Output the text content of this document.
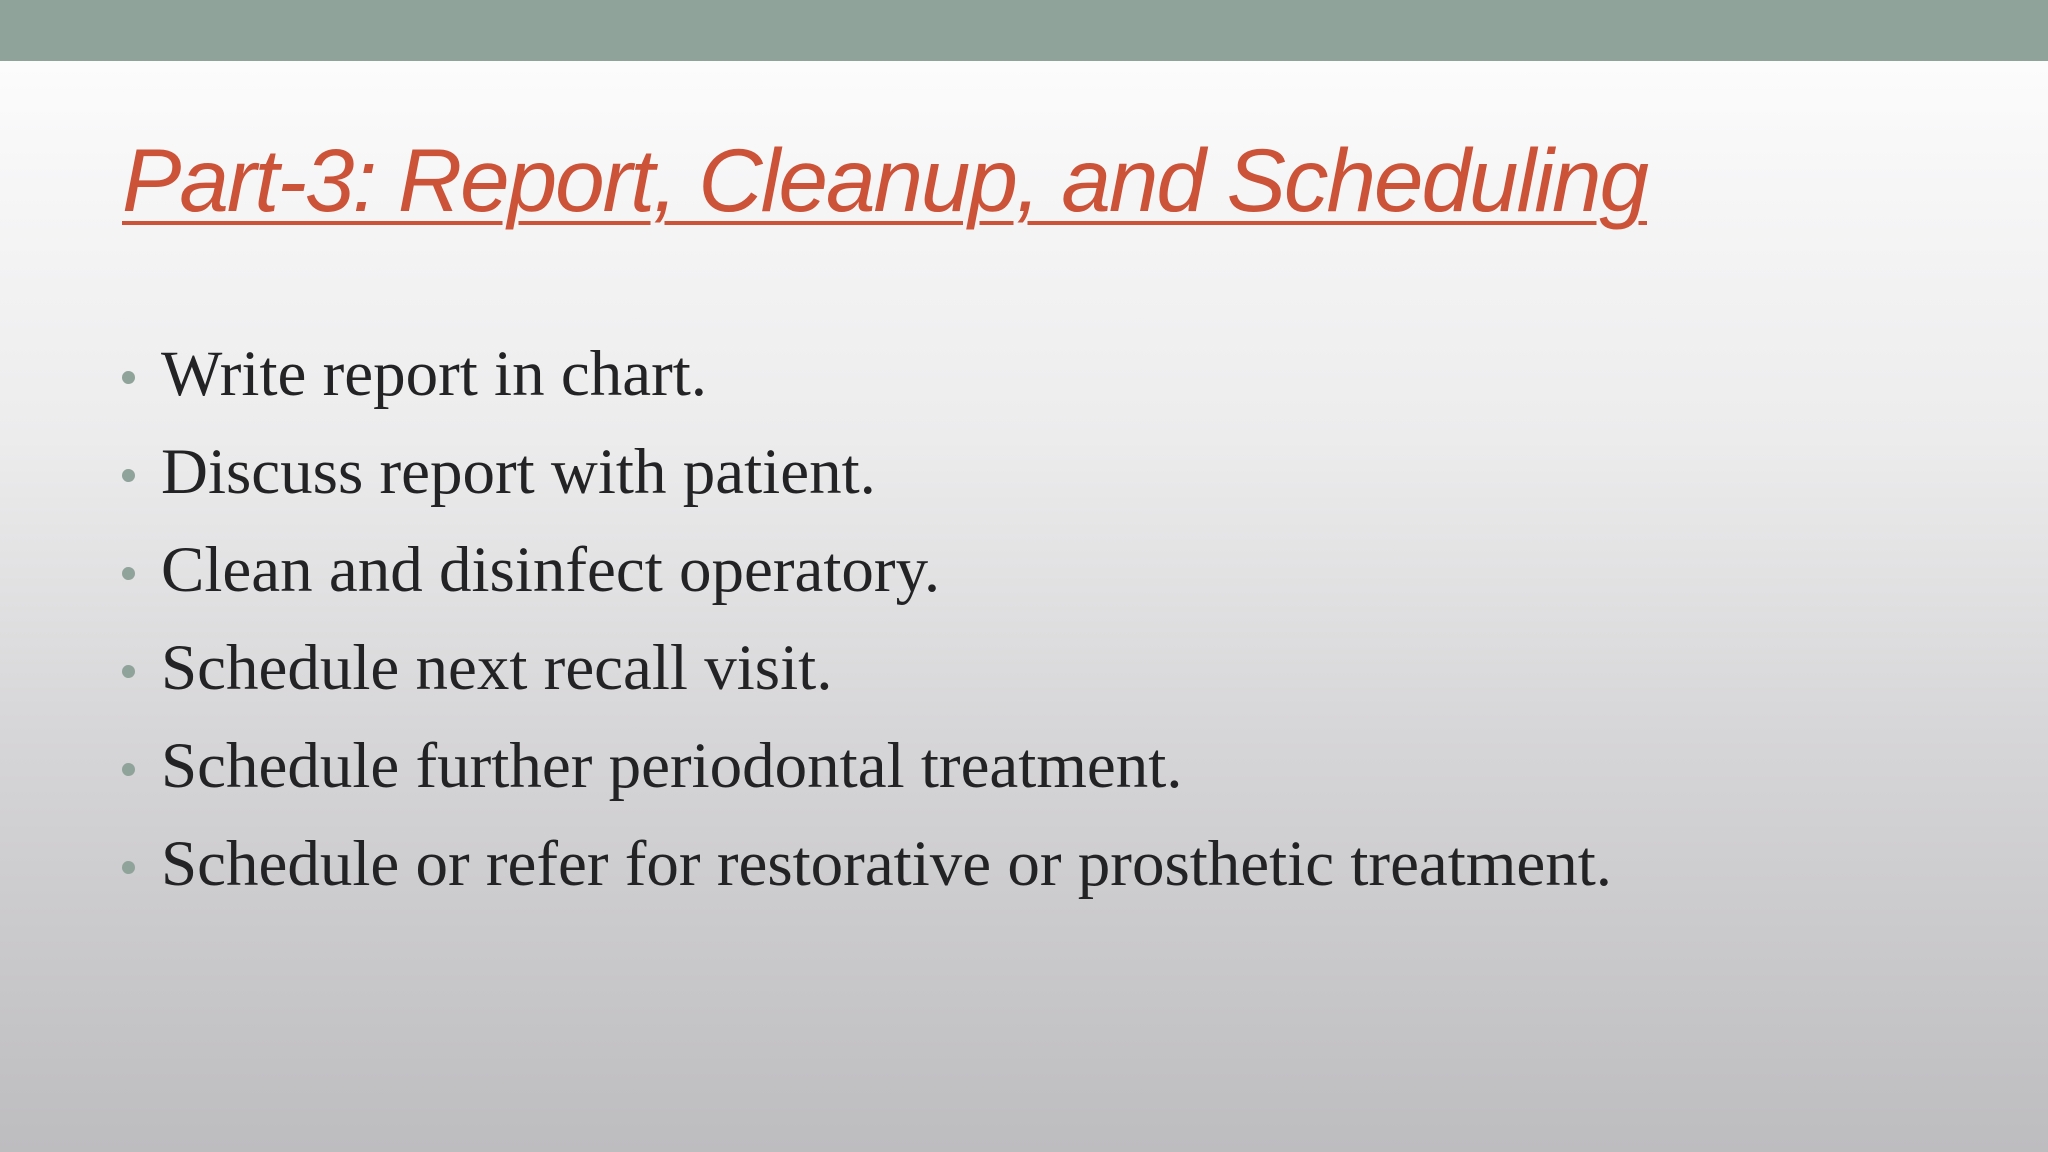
Part-3: Report, Cleanup, and Scheduling
Write report in chart.
Discuss report with patient.
Clean and disinfect operatory.
Schedule next recall visit.
Schedule further periodontal treatment.
Schedule or refer for restorative or prosthetic treatment.
